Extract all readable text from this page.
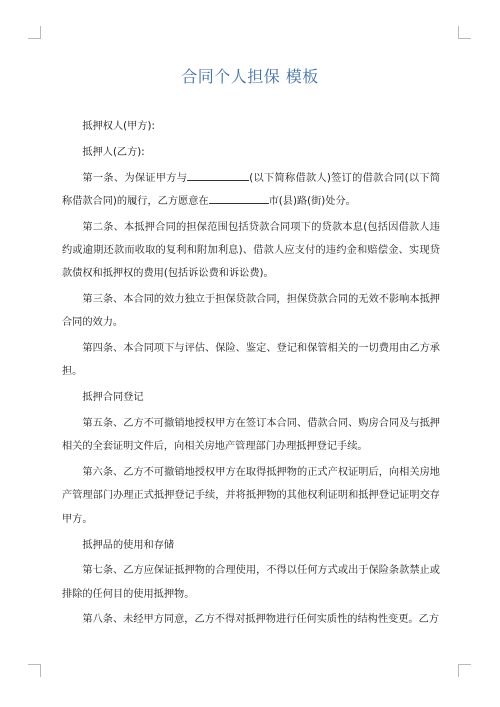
合同个人担保 模板

抵押权人(甲方):

抵押人(乙方):

第一条、为保证甲方与	(以下简称借款人)签订的借款合同(以下简称借款合同)的履行，乙方愿意在	市(县)路(街)处分。

第二条、本抵押合同的担保范围包括贷款合同项下的贷款本息(包括因借款人违约或逾期还款而收取的复利和附加利息)、借款人应支付的违约金和赔偿金、实现贷款债权和抵押权的费用(包括诉讼费和诉讼费)。

第三条、本合同的效力独立于担保贷款合同，担保贷款合同的无效不影响本抵押合同的效力。

第四条、本合同项下与评估、保险、鉴定、登记和保管相关的一切费用由乙方承担。

抵押合同登记

第五条、乙方不可撤销地授权甲方在签订本合同、借款合同、购房合同及与抵押相关的全套证明文件后，向相关房地产管理部门办理抵押登记手续。

第六条、乙方不可撤销地授权甲方在取得抵押物的正式产权证明后，向相关房地产管理部门办理正式抵押登记手续，并将抵押物的其他权利证明和抵押登记证明交存甲方。

抵押品的使用和存储

第七条、乙方应保证抵押物的合理使用，不得以任何方式或出于保险条款禁止或排除的任何目的使用抵押物。

第八条、未经甲方同意，乙方不得对抵押物进行任何实质性的结构性变更。乙方
